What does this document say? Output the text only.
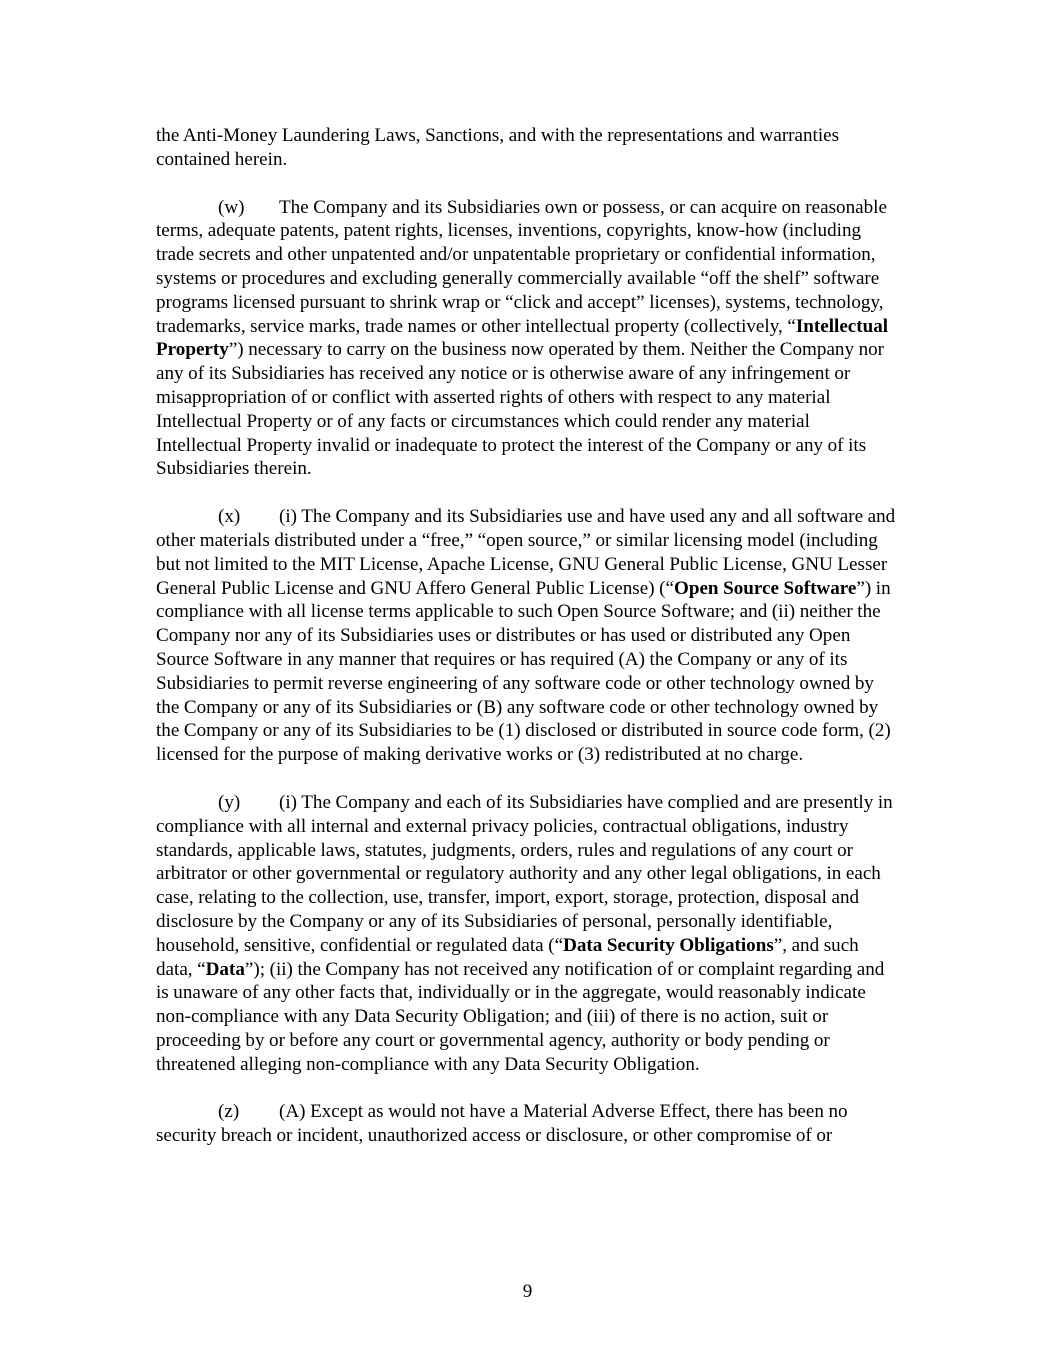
the Anti-Money Laundering Laws, Sanctions, and with the representations and warranties contained herein.

(w) The Company and its Subsidiaries own or possess, or can acquire on reasonable terms, adequate patents, patent rights, licenses, inventions, copyrights, know-how (including trade secrets and other unpatented and/or unpatentable proprietary or confidential information, systems or procedures and excluding generally commercially available “off the shelf” software programs licensed pursuant to shrink wrap or “click and accept” licenses), systems, technology, trademarks, service marks, trade names or other intellectual property (collectively, “Intellectual Property”) necessary to carry on the business now operated by them. Neither the Company nor any of its Subsidiaries has received any notice or is otherwise aware of any infringement or misappropriation of or conflict with asserted rights of others with respect to any material Intellectual Property or of any facts or circumstances which could render any material Intellectual Property invalid or inadequate to protect the interest of the Company or any of its Subsidiaries therein.

(x) (i) The Company and its Subsidiaries use and have used any and all software and other materials distributed under a “free,” “open source,” or similar licensing model (including but not limited to the MIT License, Apache License, GNU General Public License, GNU Lesser General Public License and GNU Affero General Public License) (“Open Source Software”) in compliance with all license terms applicable to such Open Source Software; and (ii) neither the Company nor any of its Subsidiaries uses or distributes or has used or distributed any Open Source Software in any manner that requires or has required (A) the Company or any of its Subsidiaries to permit reverse engineering of any software code or other technology owned by the Company or any of its Subsidiaries or (B) any software code or other technology owned by the Company or any of its Subsidiaries to be (1) disclosed or distributed in source code form, (2) licensed for the purpose of making derivative works or (3) redistributed at no charge.

(y) (i) The Company and each of its Subsidiaries have complied and are presently in compliance with all internal and external privacy policies, contractual obligations, industry standards, applicable laws, statutes, judgments, orders, rules and regulations of any court or arbitrator or other governmental or regulatory authority and any other legal obligations, in each case, relating to the collection, use, transfer, import, export, storage, protection, disposal and disclosure by the Company or any of its Subsidiaries of personal, personally identifiable, household, sensitive, confidential or regulated data (“Data Security Obligations”, and such data, “Data”); (ii) the Company has not received any notification of or complaint regarding and is unaware of any other facts that, individually or in the aggregate, would reasonably indicate non-compliance with any Data Security Obligation; and (iii) of there is no action, suit or proceeding by or before any court or governmental agency, authority or body pending or threatened alleging non-compliance with any Data Security Obligation.

(z) (A) Except as would not have a Material Adverse Effect, there has been no security breach or incident, unauthorized access or disclosure, or other compromise of or

9
